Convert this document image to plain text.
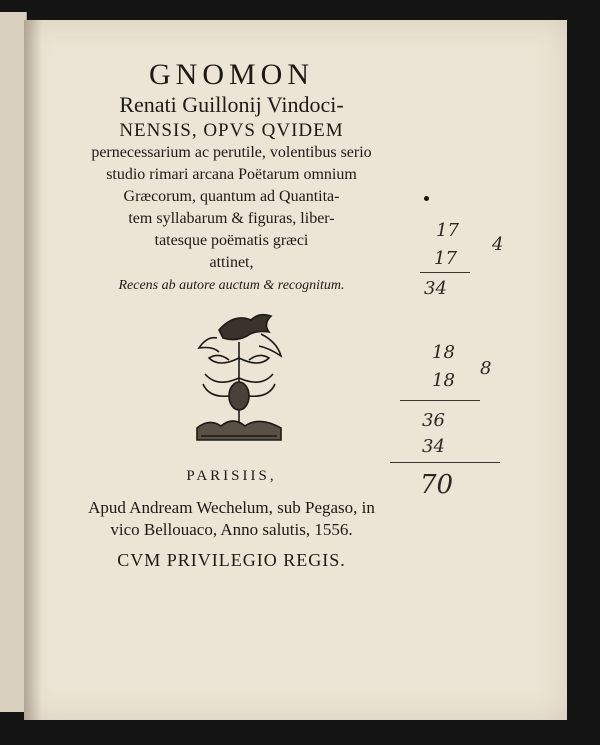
GNOMON
Renati Guillonij Vindoci-
NENSIS, OPVS QVIDEM
pernecessarium ac perutile, volentibus serio
studio rimari arcana Poëtarum omnium
Græcorum, quantum ad Quantita-
tem syllabarum & figuras, liber-
tatesque poëmatis græci
attinet,
Recens ab autore auctum & recognitum.
PARISIIS,
Apud Andream Wechelum, sub Pegaso, in
vico Bellouaco, Anno salutis, 1556.
CVM PRIVILEGIO REGIS.
17
4
17
34
18
18
8
36
34
70
